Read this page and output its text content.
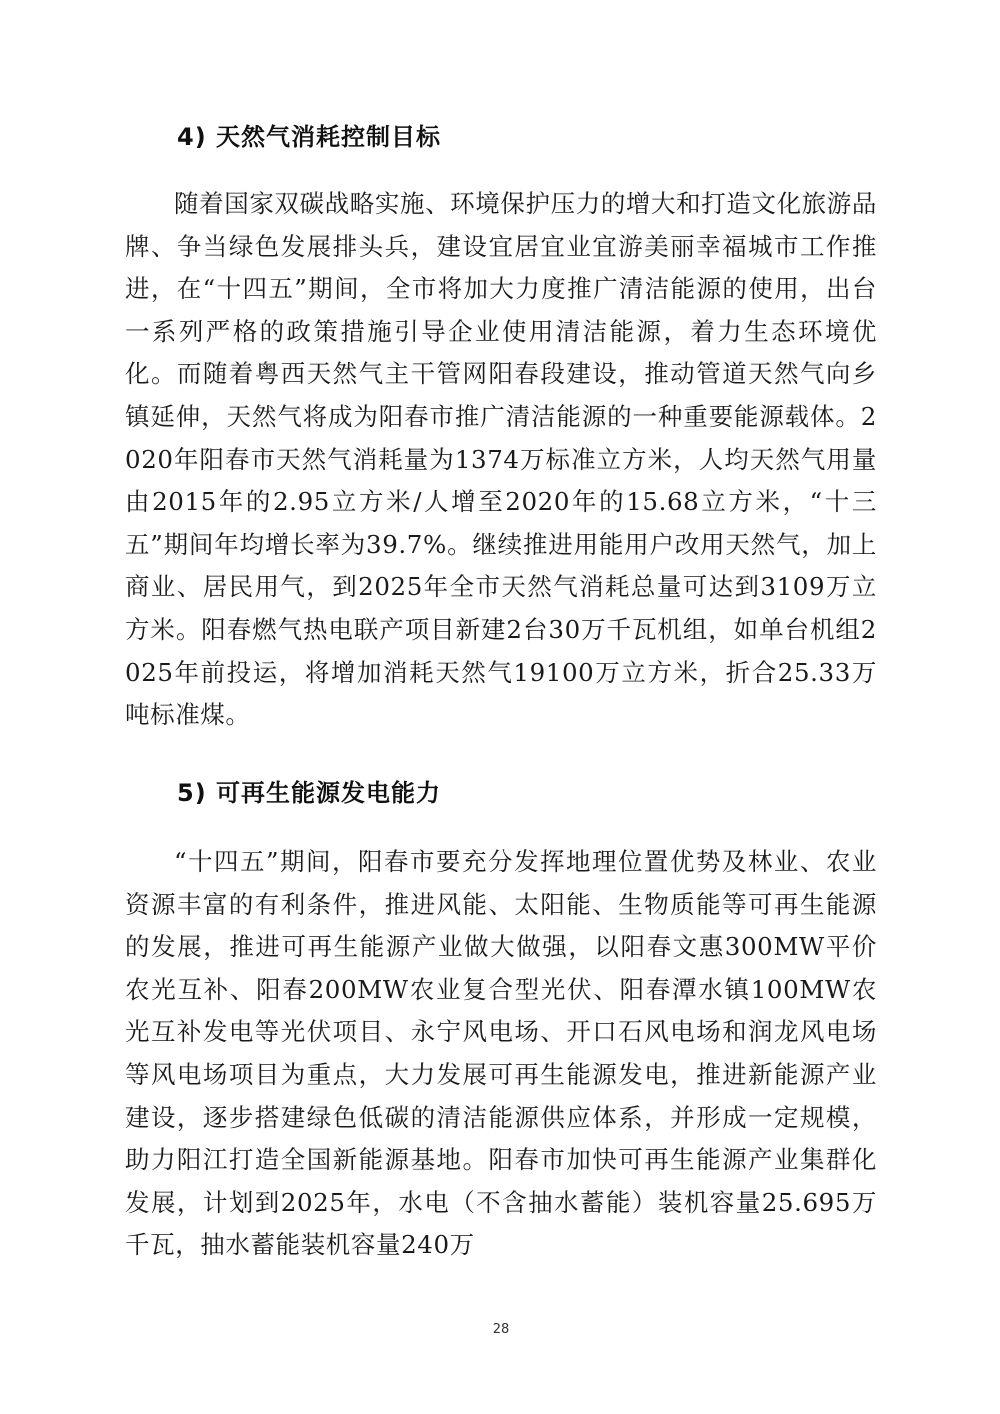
4) 天然气消耗控制目标

随着国家双碳战略实施、环境保护压力的增大和打造文化旅游品牌、争当绿色发展排头兵，建设宜居宜业宜游美丽幸福城市工作推进，在“十四五”期间，全市将加大力度推广清洁能源的使用，出台一系列严格的政策措施引导企业使用清洁能源，着力生态环境优化。而随着粤西天然气主干管网阳春段建设，推动管道天然气向乡镇延伸，天然气将成为阳春市推广清洁能源的一种重要能源载体。2020年阳春市天然气消耗量为1374万标准立方米，人均天然气用量由2015年的2.95立方米/人增至2020年的15.68立方米，“十三五”期间年均增长率为39.7%。继续推进用能用户改用天然气，加上商业、居民用气，到2025年全市天然气消耗总量可达到3109万立方米。阳春燃气热电联产项目新建2台30万千瓦机组，如单台机组2025年前投运，将增加消耗天然气19100万立方米，折合25.33万吨标准煤。

5) 可再生能源发电能力

“十四五”期间，阳春市要充分发挥地理位置优势及林业、农业资源丰富的有利条件，推进风能、太阳能、生物质能等可再生能源的发展，推进可再生能源产业做大做强，以阳春文惠300MW平价农光互补、阳春200MW农业复合型光伏、阳春潭水镇100MW农光互补发电等光伏项目、永宁风电场、开口石风电场和润龙风电场等风电场项目为重点，大力发展可再生能源发电，推进新能源产业建设，逐步搭建绿色低碳的清洁能源供应体系，并形成一定规模，助力阳江打造全国新能源基地。阳春市加快可再生能源产业集群化发展，计划到2025年，水电（不含抽水蓄能）装机容量25.695万千瓦，抽水蓄能装机容量240万

28
